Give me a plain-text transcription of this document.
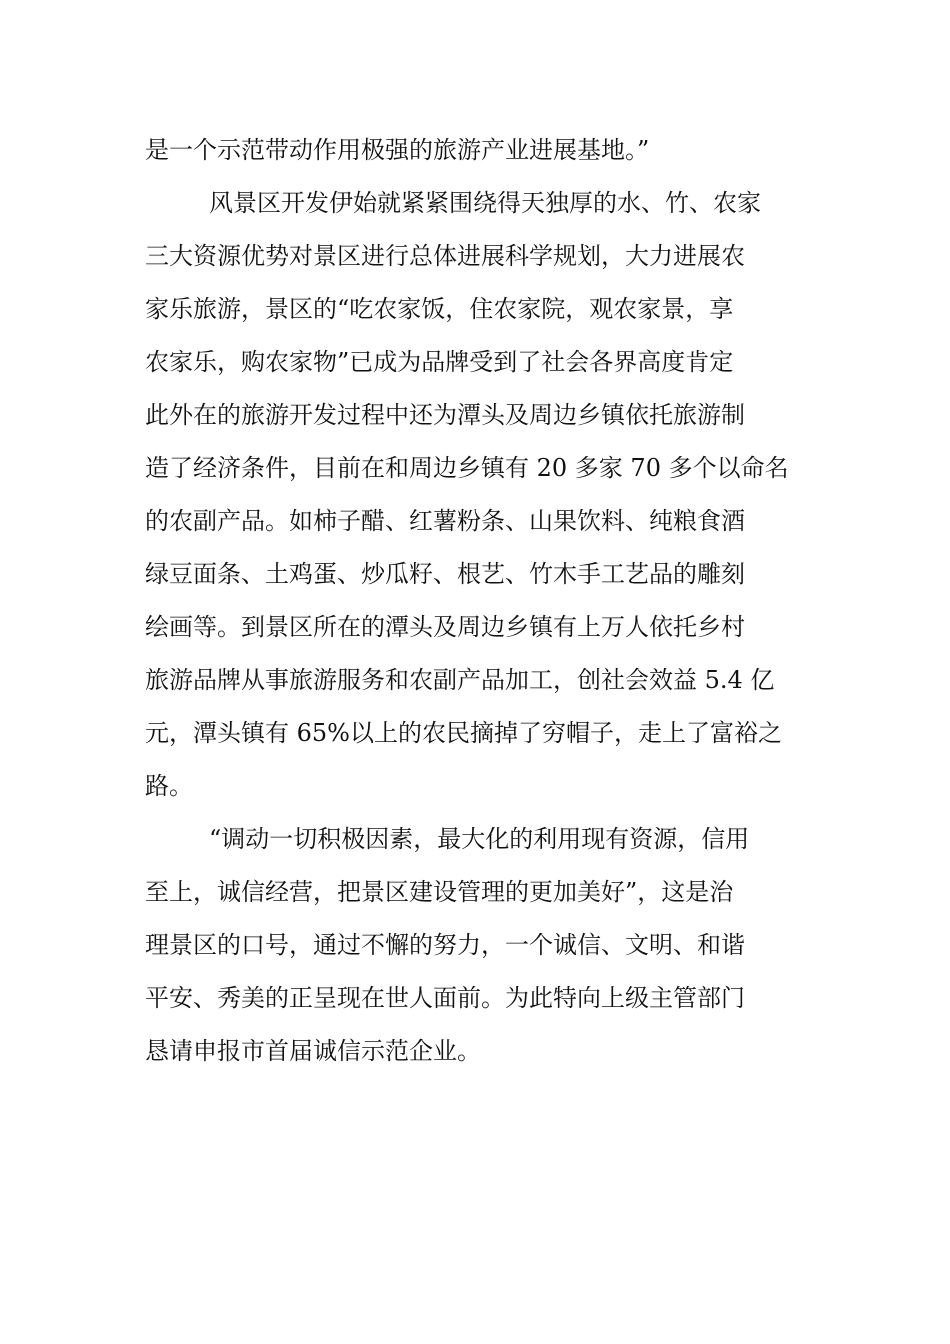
是一个示范带动作用极强的旅游产业进展基地。”
风景区开发伊始就紧紧围绕得天独厚的水、竹、农家
三大资源优势对景区进行总体进展科学规划，大力进展农
家乐旅游，景区的“吃农家饭，住农家院，观农家景，享
农家乐，购农家物”已成为品牌受到了社会各界高度肯定
此外在的旅游开发过程中还为潭头及周边乡镇依托旅游制
造了经济条件，目前在和周边乡镇有 20 多家 70 多个以命名
的农副产品。如柿子醋、红薯粉条、山果饮料、纯粮食酒
绿豆面条、土鸡蛋、炒瓜籽、根艺、竹木手工艺品的雕刻
绘画等。到景区所在的潭头及周边乡镇有上万人依托乡村
旅游品牌从事旅游服务和农副产品加工，创社会效益 5.4 亿
元，潭头镇有 65%以上的农民摘掉了穷帽子，走上了富裕之
路。
“调动一切积极因素，最大化的利用现有资源，信用
至上，诚信经营，把景区建设管理的更加美好”，这是治
理景区的口号，通过不懈的努力，一个诚信、文明、和谐
平安、秀美的正呈现在世人面前。为此特向上级主管部门
恳请申报市首届诚信示范企业。
